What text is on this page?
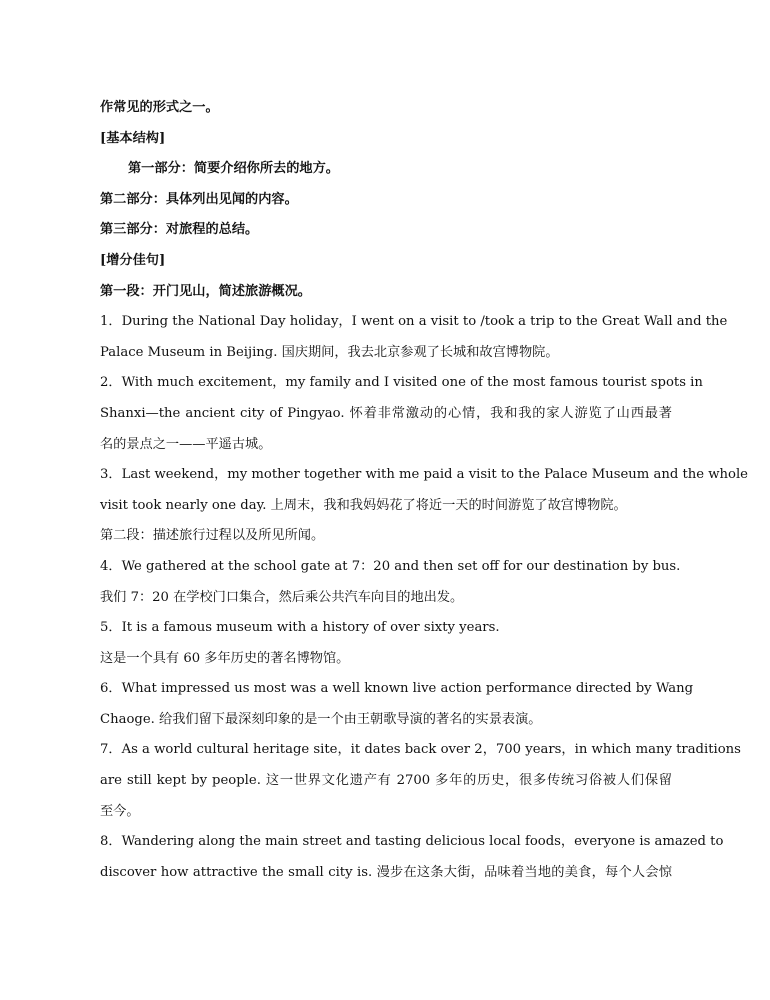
作常见的形式之一。
[基本结构]
第一部分：简要介绍你所去的地方。
第二部分：具体列出见闻的内容。
第三部分：对旅程的总结。
[增分佳句]
第一段：开门见山，简述旅游概况。
1．During the National Day holiday，I went on a visit to /took a trip to the Great Wall and the
Palace Museum in Beijing. 国庆期间，我去北京参观了长城和故宫博物院。
2．With much excitement，my family and I visited one of the most famous tourist spots in
Shanxi—the ancient city of Pingyao. 怀着非常激动的心情，我和我的家人游览了山西最著
名的景点之一——平遥古城。
3．Last weekend，my mother together with me paid a visit to the Palace Museum and the whole
visit took nearly one day. 上周末，我和我妈妈花了将近一天的时间游览了故宫博物院。
第二段：描述旅行过程以及所见所闻。
4．We gathered at the school gate at 7：20 and then set off for our destination by bus.
我们 7：20 在学校门口集合，然后乘公共汽车向目的地出发。
5．It is a famous museum with a history of over sixty years.
这是一个具有 60 多年历史的著名博物馆。
6．What impressed us most was a well known live action performance directed by Wang
Chaoge. 给我们留下最深刻印象的是一个由王朝歌导演的著名的实景表演。
7．As a world cultural heritage site，it dates back over 2，700 years，in which many traditions
are still kept by people. 这一世界文化遗产有 2700 多年的历史，很多传统习俗被人们保留
至今。
8．Wandering along the main street and tasting delicious local foods，everyone is amazed to
discover how attractive the small city is. 漫步在这条大街，品味着当地的美食，每个人会惊
